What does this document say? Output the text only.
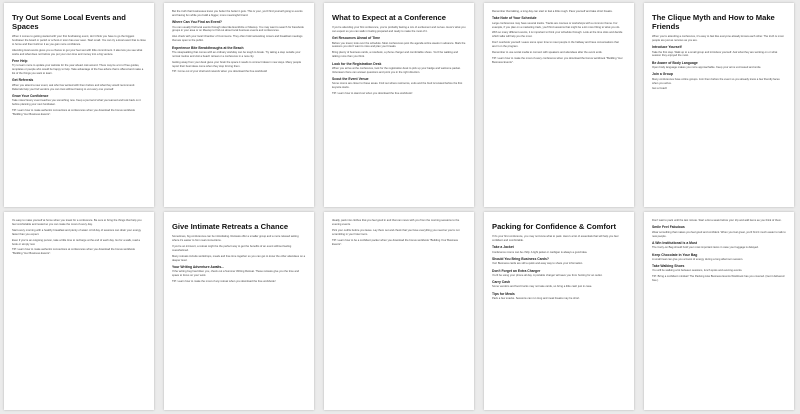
Try Out Some Local Events and Spaces
When it comes to getting started with your first fundraising event, don't think you have to go the biggest fundraiser the board or parish or school or town has ever seen. Start small. You can try a local event that is close to home and then build on it as you gain more confidence.
Attending local events gives you a chance to get your feet wet with little commitment. It also lets you see what works and what does not before you put your own time and money into a big venture.
Free Help
Try to learn more to update your website for the year ahead. Ask around. There may be a lot of free guides, templates or people who would be happy to help. Take advantage of the free advice that is offered and make a list of the things you want to learn.
Get Referrals
When you attend a new event, ask who has worked with them before and what they would recommend. Referrals help you find vendors you can trust without having to vet every one yourself.
Grow Your Confidence
Take notes! Every event teaches you something new. Keep a journal of what you learned and look back on it before planning your next fundraiser.
TIP: Learn how to make authentic connections at conferences when you download the bonus workbook "Building Your Business Events".
But the truth that businesses know you better the better it gets. This is your, you'll find yourself going to events and having fun while you build a bigger, more meaningful brand.
Where Can You Find an Event?
You can usually find local events through sites like Eventbrite or Meetup. You may want to search for Facebook groups in your area or on Meetup to find out about local business events and conferences.
Also check with your local Chamber of Commerce. They often hold networking mixers and breakfast meetings that are open to the public.
Experience Bite Breakthroughs at the Beach
The sleepwalking that comes with an ordinary workday can be tough to break. Try taking a step outside your normal routine and visit a beach retreat or a conference in a new city.
Getting away from your desk gives your brain the space it needs to connect ideas in new ways. Many people report their best ideas come when they stop forcing them.
TIP: Come out of your shell and network when you download the free workbook!
What to Expect at a Conference
If you're attending your first conference, you're probably feeling a mix of excitement and nerves. Here's what you can expect so you can walk in feeling prepared and ready to make the most of it.
Get Resources Ahead of Time
Before you travel, look over the schedule. Most conferences post the agenda online weeks in advance. Mark the sessions you don't want to miss and plan your breaks.
Bring plenty of business cards, a notebook, a phone charger and comfortable shoes. You'll be walking and talking more than you think.
Look for the Registration Desk
When you arrive at the conference, look for the registration desk to pick up your badge and welcome packet. Volunteers there can answer questions and point you in the right direction.
Scout the Event Venue
Some rooms are closer to these areas. Find out where restrooms, exits and the food is located before the first keynote starts.
TIP: Learn how to stand out when you download the free workbook!
Remember that talking, a long day can start to feel a little rough. Pace yourself and take short breaks.
Take Note of Your Schedule
Large conferences may have several tracks. Tracks are courses or workshops with a common theme. For example, if you plan on a marketing track, you'll find sessions that might be a lot more fitting to what you do.
With so many different events, it is important to think your schedule through. Look at the time slots and decide which talks will help you the most.
Don't overbook yourself. Leave some open time to meet people in the hallway and have conversations that aren't on the program.
Remember to use social media to connect with speakers and attendees after the event ends.
TIP: Learn how to make the most of every conference when you download the bonus workbook "Building Your Business Events".
The Clique Myth and How to Make Friends
When you're attending a conference, it's easy to feel like everyone already knows each other. The truth is most people are just as nervous as you are.
Introduce Yourself
Take the first step. Walk up to a small group and introduce yourself. Ask what they are working on or what session they enjoyed the most.
Be Aware of Body Language
Open body language makes you more approachable. Keep your arms uncrossed and smile.
Join a Group
Many conferences have online groups. Join them before the event so you already know a few friendly faces when you arrive.
Get a Coach
It's easy to make yourself at home when you travel for a conference. Be sure to bring the things that help you feel comfortable and rested so you can make the most of every day.
Start every morning with a healthy breakfast and plenty of water. A full day of sessions can drain your energy faster than you expect.
Even if you're an outgoing person, take a little time to recharge at the end of each day. Go for a walk, read a book or simply rest.
TIP: Learn how to make authentic connections at conferences when you download the bonus workbook "Building Your Business Events".
Give Intimate Retreats a Chance
Sometimes, big conferences can be intimidating. Retreats offer a smaller group and a more relaxed setting where it's easier to form real connections.
If you're an introvert, a retreat might be the perfect way to get the benefits of an event without feeling overwhelmed.
Many retreats include workshops, meals and free time together so you can get to know the other attendees on a deeper level.
Your Writing Adventure Awaits...
If the writing bug has bitten you, check out a Summer Writing Retreat. These retreats give you the time and space to focus on your work.
TIP: Learn how to make the most of any retreat when you download the free workbook!
Ideally, pack into clothes that you feel good in and that can move with you from the morning sessions to the evening events.
Pick your outfits before you leave. Lay them out and check that you have everything you need so you're not scrambling in your hotel room.
TIP: Learn how to be a confident packer when you download the bonus workbook "Building Your Business Events".
Packing for Confidence & Comfort
If it's your first conference, you may not know what to pack. Here's a list of essentials that will help you feel confident and comfortable.
Take a Jacket
Conference rooms can be chilly. A light jacket or cardigan is always a good idea.
Should You Bring Business Cards?
Yes! Business cards are still a quick and easy way to share your information.
Don't Forget an Extra Charger
You'll be using your phone all day. A portable charger will save you from hunting for an outlet.
Carry Cash
Some vendors and food trucks may not take cards, so bring a little cash just in case.
Tips for Meals
Pack a few snacks. Sessions can run long and meal breaks may be short.
Don't wait to pack until the last minute. Start a list a week before your trip and add items as you think of them.
Smile Feel Fabulous
Wear something that makes you feel good and confident. When you feel great, you'll find it much easier to talk to new people.
A Win Institutional is a Must
The Carry-on Bag should hold your most important items in case your luggage is delayed.
Keep Chocolate in Your Bag
A small treat can give you a boost of energy during a long afternoon session.
Take Walking Shoes
You will be walking a lot between sessions, lunch spots and evening events.
TIP: Bring a confident mindset! The Packing Like Business Events Workbook has you covered. (Get it delivered free.)
